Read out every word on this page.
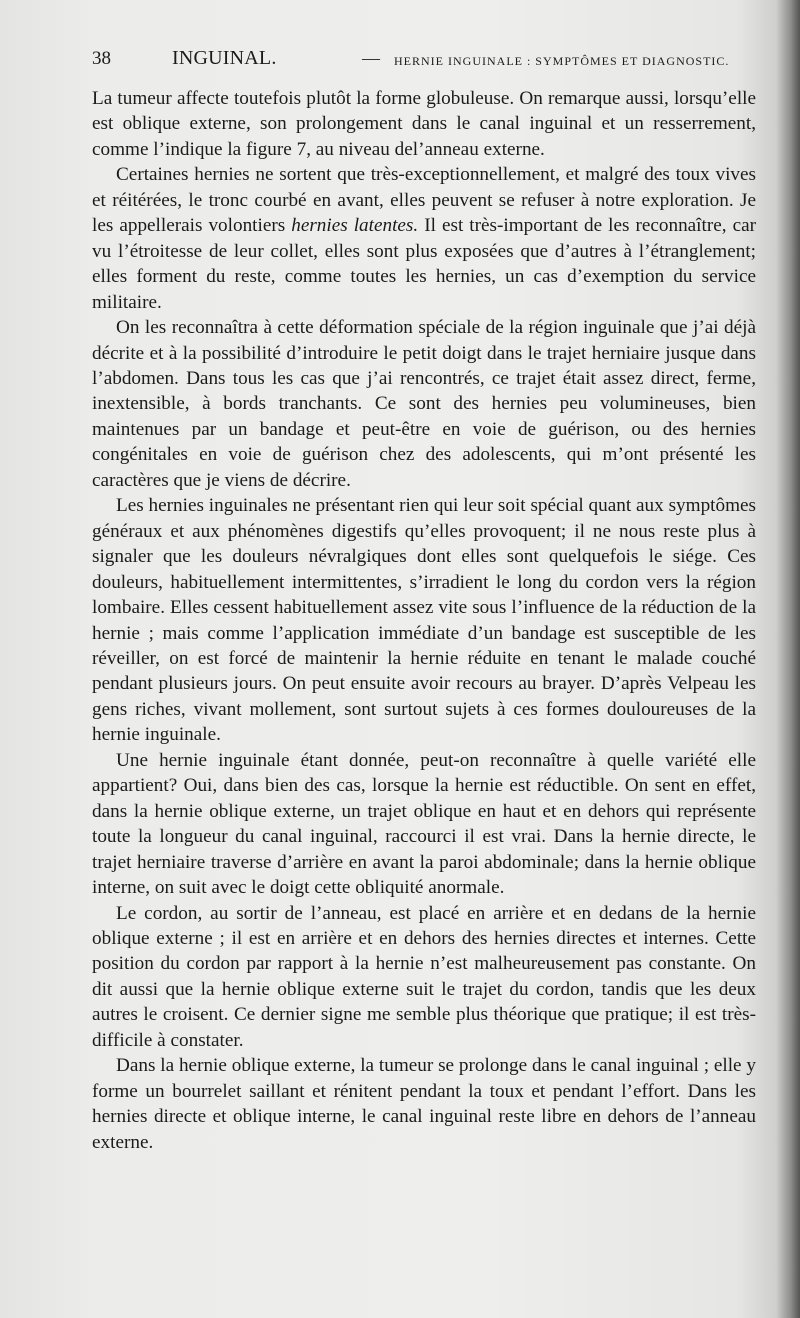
38	INGUINAL.	— HERNIE INGUINALE : SYMPTÔMES ET DIAGNOSTIC.

La tumeur affecte toutefois plutôt la forme globuleuse. On remarque aussi, lorsqu’elle est oblique externe, son prolongement dans le canal inguinal et un resserrement, comme l’indique la figure 7, au niveau del’anneau externe.

Certaines hernies ne sortent que très-exceptionnellement, et malgré des toux vives et réitérées, le tronc courbé en avant, elles peuvent se refuser à notre exploration. Je les appellerais volontiers hernies latentes. Il est très-important de les reconnaître, car vu l’étroitesse de leur collet, elles sont plus exposées que d’autres à l’étranglement; elles forment du reste, comme toutes les hernies, un cas d’exemption du service militaire.

On les reconnaîtra à cette déformation spéciale de la région inguinale que j’ai déjà décrite et à la possibilité d’introduire le petit doigt dans le trajet herniaire jusque dans l’abdomen. Dans tous les cas que j’ai rencontrés, ce trajet était assez direct, ferme, inextensible, à bords tranchants. Ce sont des hernies peu volumineuses, bien maintenues par un bandage et peut-être en voie de guérison, ou des hernies congénitales en voie de guérison chez des adolescents, qui m’ont présenté les caractères que je viens de décrire.

Les hernies inguinales ne présentant rien qui leur soit spécial quant aux symptômes généraux et aux phénomènes digestifs qu’elles provoquent; il ne nous reste plus à signaler que les douleurs névralgiques dont elles sont quelquefois le siége. Ces douleurs, habituellement intermittentes, s’irradient le long du cordon vers la région lombaire. Elles cessent habituellement assez vite sous l’influence de la réduction de la hernie ; mais comme l’application immédiate d’un bandage est susceptible de les réveiller, on est forcé de maintenir la hernie réduite en tenant le malade couché pendant plusieurs jours. On peut ensuite avoir recours au brayer. D’après Velpeau les gens riches, vivant mollement, sont surtout sujets à ces formes douloureuses de la hernie inguinale.

Une hernie inguinale étant donnée, peut-on reconnaître à quelle variété elle appartient? Oui, dans bien des cas, lorsque la hernie est réductible. On sent en effet, dans la hernie oblique externe, un trajet oblique en haut et en dehors qui représente toute la longueur du canal inguinal, raccourci il est vrai. Dans la hernie directe, le trajet herniaire traverse d’arrière en avant la paroi abdominale; dans la hernie oblique interne, on suit avec le doigt cette obliquité anormale.

Le cordon, au sortir de l’anneau, est placé en arrière et en dedans de la hernie oblique externe ; il est en arrière et en dehors des hernies directes et internes. Cette position du cordon par rapport à la hernie n’est malheureusement pas constante. On dit aussi que la hernie oblique externe suit le trajet du cordon, tandis que les deux autres le croisent. Ce dernier signe me semble plus théorique que pratique; il est très-difficile à constater.

Dans la hernie oblique externe, la tumeur se prolonge dans le canal inguinal ; elle y forme un bourrelet saillant et rénitent pendant la toux et pendant l’effort. Dans les hernies directe et oblique interne, le canal inguinal reste libre en dehors de l’anneau externe.
